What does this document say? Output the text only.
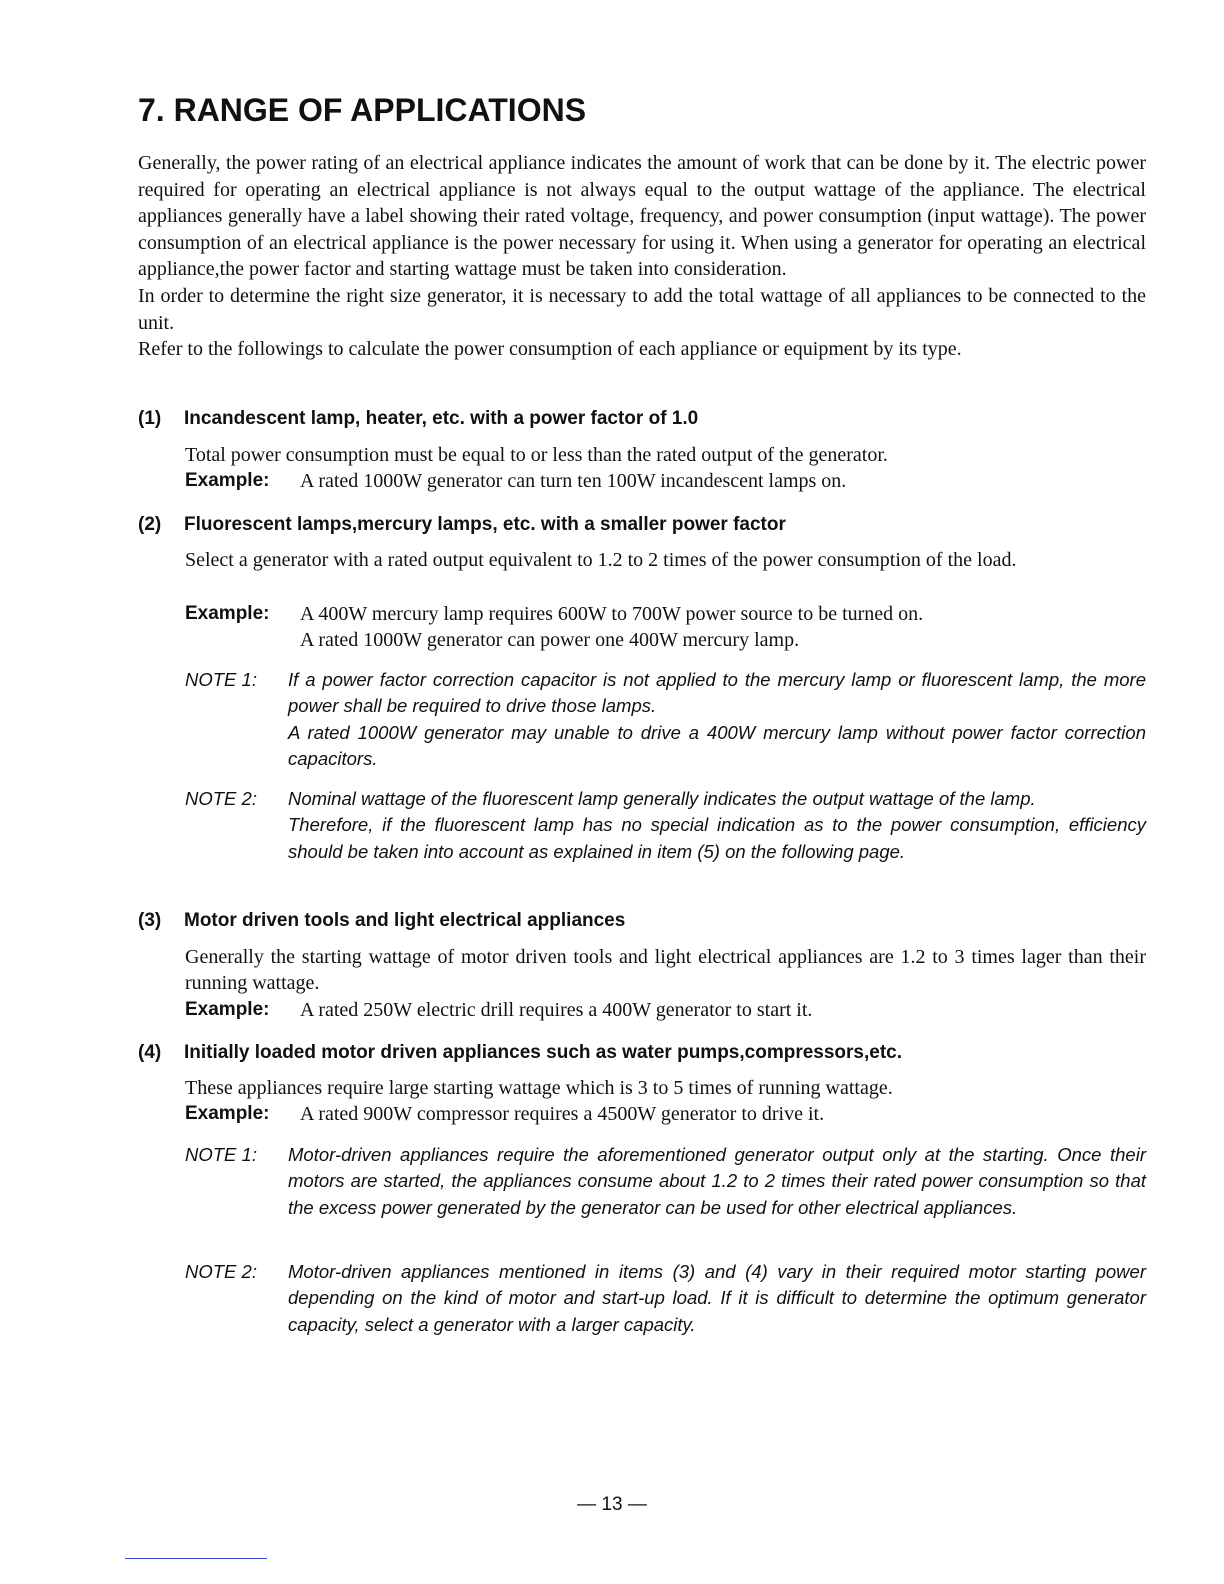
7. RANGE OF APPLICATIONS

Generally, the power rating of an electrical appliance indicates the amount of work that can be done by it. The electric power required for operating an electrical appliance is not always equal to the output wattage of the appliance. The electrical appliances generally have a label showing their rated voltage, frequency, and power consumption (input wattage). The power consumption of an electrical appliance is the power necessary for using it. When using a generator for operating an electrical appliance,the power factor and starting wattage must be taken into consideration.

In order to determine the right size generator, it is necessary to add the total wattage of all appliances to be connected to the unit.

Refer to the followings to calculate the power consumption of each appliance or equipment by its type.

(1) Incandescent lamp, heater, etc. with a power factor of 1.0
Total power consumption must be equal to or less than the rated output of the generator.
Example: A rated 1000W generator can turn ten 100W incandescent lamps on.
(2) Fluorescent lamps,mercury lamps, etc. with a smaller power factor
Select a generator with a rated output equivalent to 1.2 to 2 times of the power consumption of the load.
Example: A 400W mercury lamp requires 600W to 700W power source to be turned on.
A rated 1000W generator can power one 400W mercury lamp.
NOTE 1: If a power factor correction capacitor is not applied to the mercury lamp or fluorescent lamp, the more power shall be required to drive those lamps.

A rated 1000W generator may unable to drive a 400W mercury lamp without power factor correction capacitors.

NOTE 2: Nominal wattage of the fluorescent lamp generally indicates the output wattage of the lamp.

Therefore, if the fluorescent lamp has no special indication as to the power consumption, efficiency should be taken into account as explained in item (5) on the following page.

(3) Motor driven tools and light electrical appliances
Generally the starting wattage of motor driven tools and light electrical appliances are 1.2 to 3 times lager than their running wattage.
Example: A rated 250W electric drill requires a 400W generator to start it.
(4) Initially loaded motor driven appliances such as water pumps,compressors,etc.
These appliances require large starting wattage which is 3 to 5 times of running wattage.
Example: A rated 900W compressor requires a 4500W generator to drive it.
NOTE 1: Motor-driven appliances require the aforementioned generator output only at the starting. Once their motors are started, the appliances consume about 1.2 to 2 times their rated power consumption so that the excess power generated by the generator can be used for other electrical appliances.

NOTE 2: Motor-driven appliances mentioned in items (3) and (4) vary in their required motor starting power depending on the kind of motor and start-up load. If it is difficult to determine the optimum generator capacity, select a generator with a larger capacity.

— 13 —
